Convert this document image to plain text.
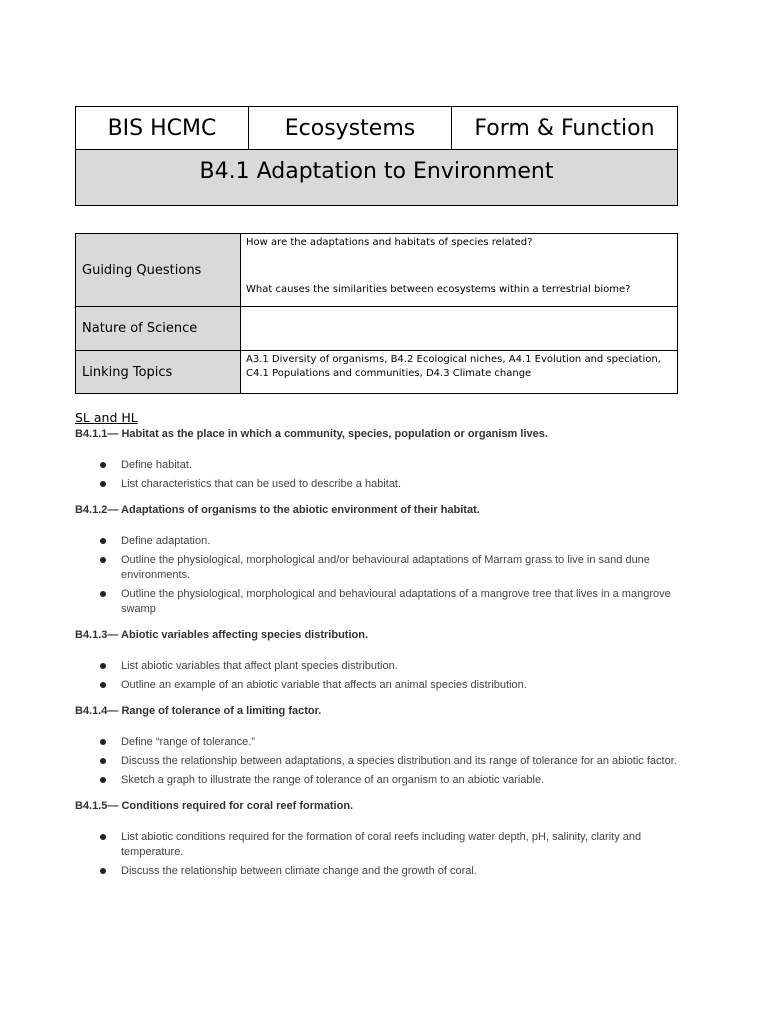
BIS HCMC	Ecosystems	Form & Function
B4.1 Adaptation to Environment
Guiding Questions
How are the adaptations and habitats of species related?
What causes the similarities between ecosystems within a terrestrial biome?
Nature of Science
Linking Topics
A3.1 Diversity of organisms, B4.2 Ecological niches, A4.1 Evolution and speciation, C4.1 Populations and communities, D4.3 Climate change
SL and HL
B4.1.1— Habitat as the place in which a community, species, population or organism lives.
Define habitat.
List characteristics that can be used to describe a habitat.
B4.1.2— Adaptations of organisms to the abiotic environment of their habitat.
Define adaptation.
Outline the physiological, morphological and/or behavioural adaptations of Marram grass to live in sand dune environments.
Outline the physiological, morphological and behavioural adaptations of a mangrove tree that lives in a mangrove swamp
B4.1.3— Abiotic variables affecting species distribution.
List abiotic variables that affect plant species distribution.
Outline an example of an abiotic variable that affects an animal species distribution.
B4.1.4— Range of tolerance of a limiting factor.
Define “range of tolerance.”
Discuss the relationship between adaptations, a species distribution and its range of tolerance for an abiotic factor.
Sketch a graph to illustrate the range of tolerance of an organism to an abiotic variable.
B4.1.5— Conditions required for coral reef formation.
List abiotic conditions required for the formation of coral reefs including water depth, pH, salinity, clarity and temperature.
Discuss the relationship between climate change and the growth of coral.
